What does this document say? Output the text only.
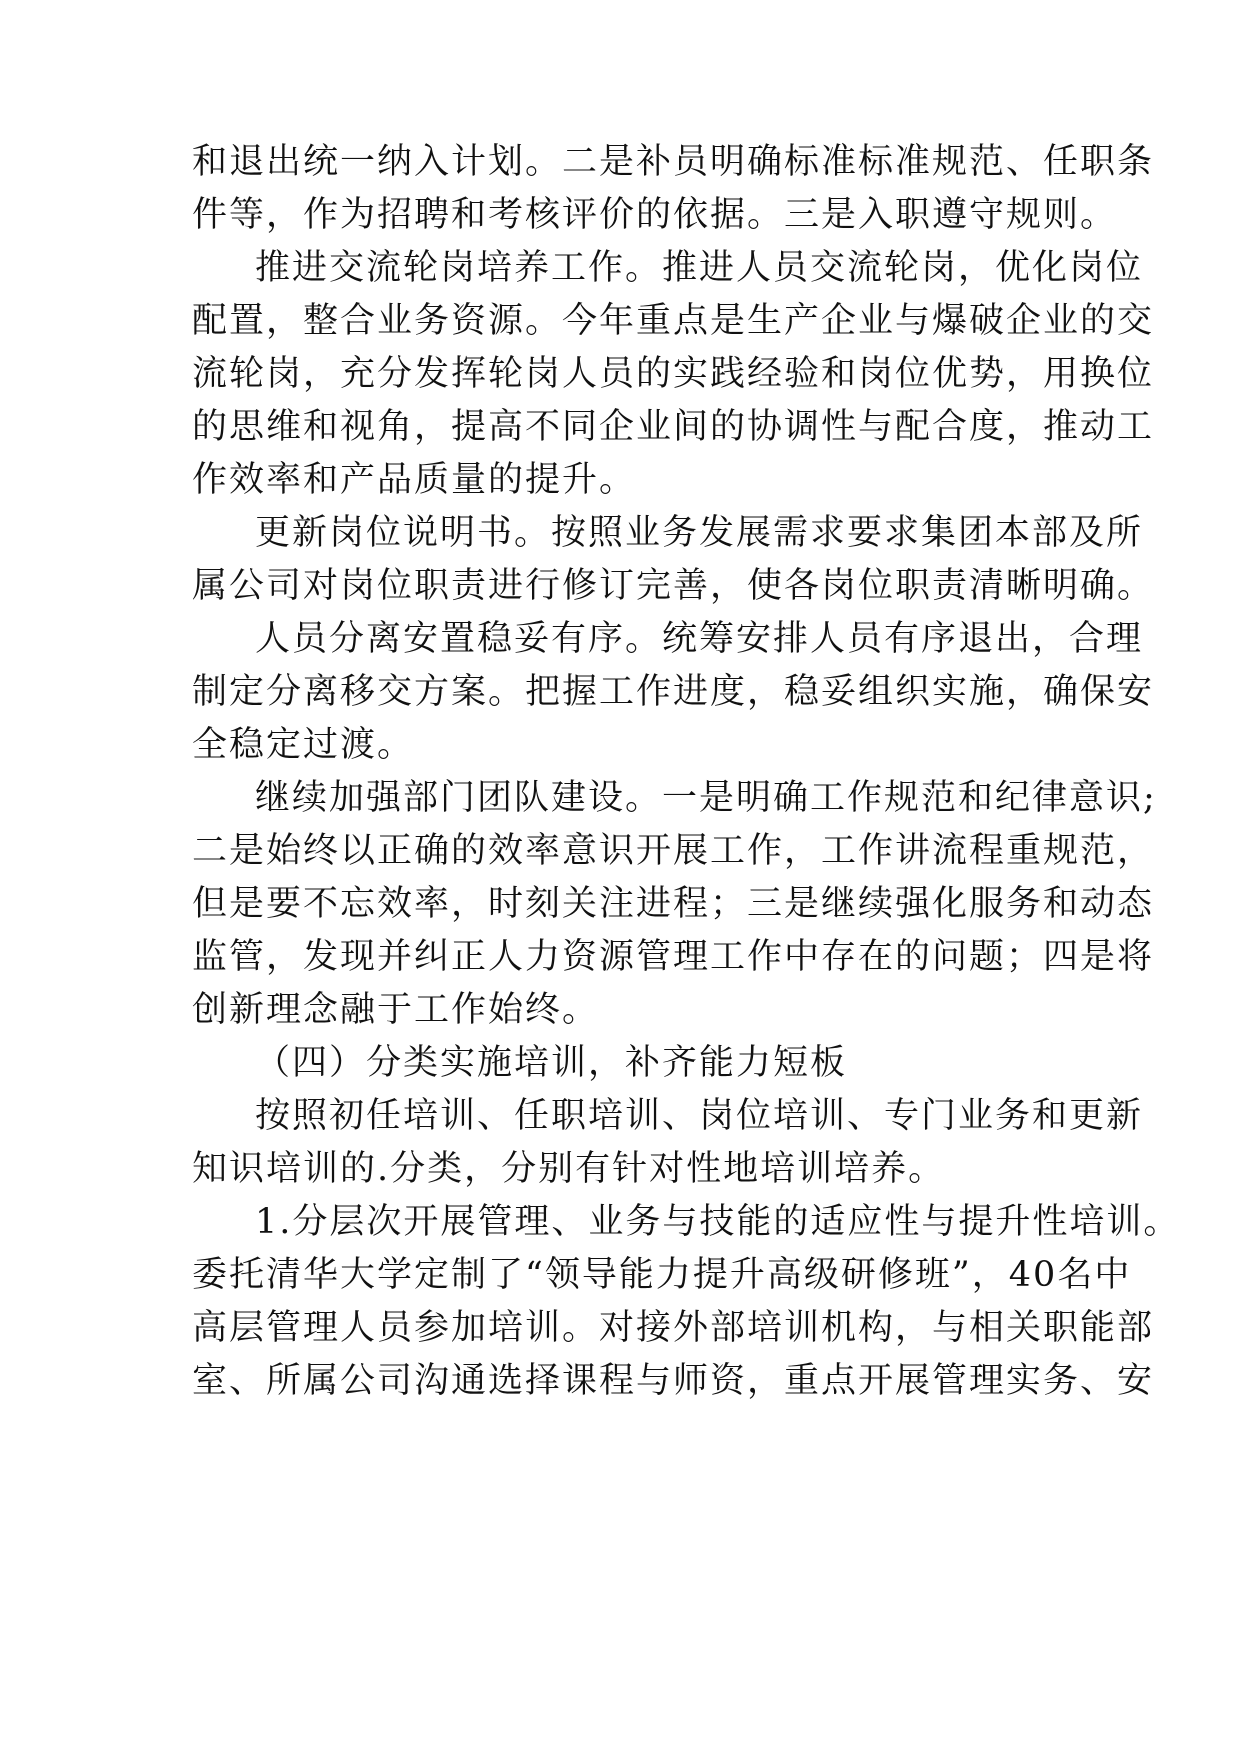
和退出统一纳入计划。二是补员明确标准标准规范、任职条
件等，作为招聘和考核评价的依据。三是入职遵守规则。
推进交流轮岗培养工作。推进人员交流轮岗，优化岗位
配置，整合业务资源。今年重点是生产企业与爆破企业的交
流轮岗，充分发挥轮岗人员的实践经验和岗位优势，用换位
的思维和视角，提高不同企业间的协调性与配合度，推动工
作效率和产品质量的提升。
更新岗位说明书。按照业务发展需求要求集团本部及所
属公司对岗位职责进行修订完善，使各岗位职责清晰明确。
人员分离安置稳妥有序。统筹安排人员有序退出，合理
制定分离移交方案。把握工作进度，稳妥组织实施，确保安
全稳定过渡。
继续加强部门团队建设。一是明确工作规范和纪律意识;
二是始终以正确的效率意识开展工作，工作讲流程重规范，
但是要不忘效率，时刻关注进程；三是继续强化服务和动态
监管，发现并纠正人力资源管理工作中存在的问题；四是将
创新理念融于工作始终。
（四）分类实施培训，补齐能力短板
按照初任培训、任职培训、岗位培训、专门业务和更新
知识培训的.分类，分别有针对性地培训培养。
1.分层次开展管理、业务与技能的适应性与提升性培训。
委托清华大学定制了“领导能力提升高级研修班”，40名中
高层管理人员参加培训。对接外部培训机构，与相关职能部
室、所属公司沟通选择课程与师资，重点开展管理实务、安
